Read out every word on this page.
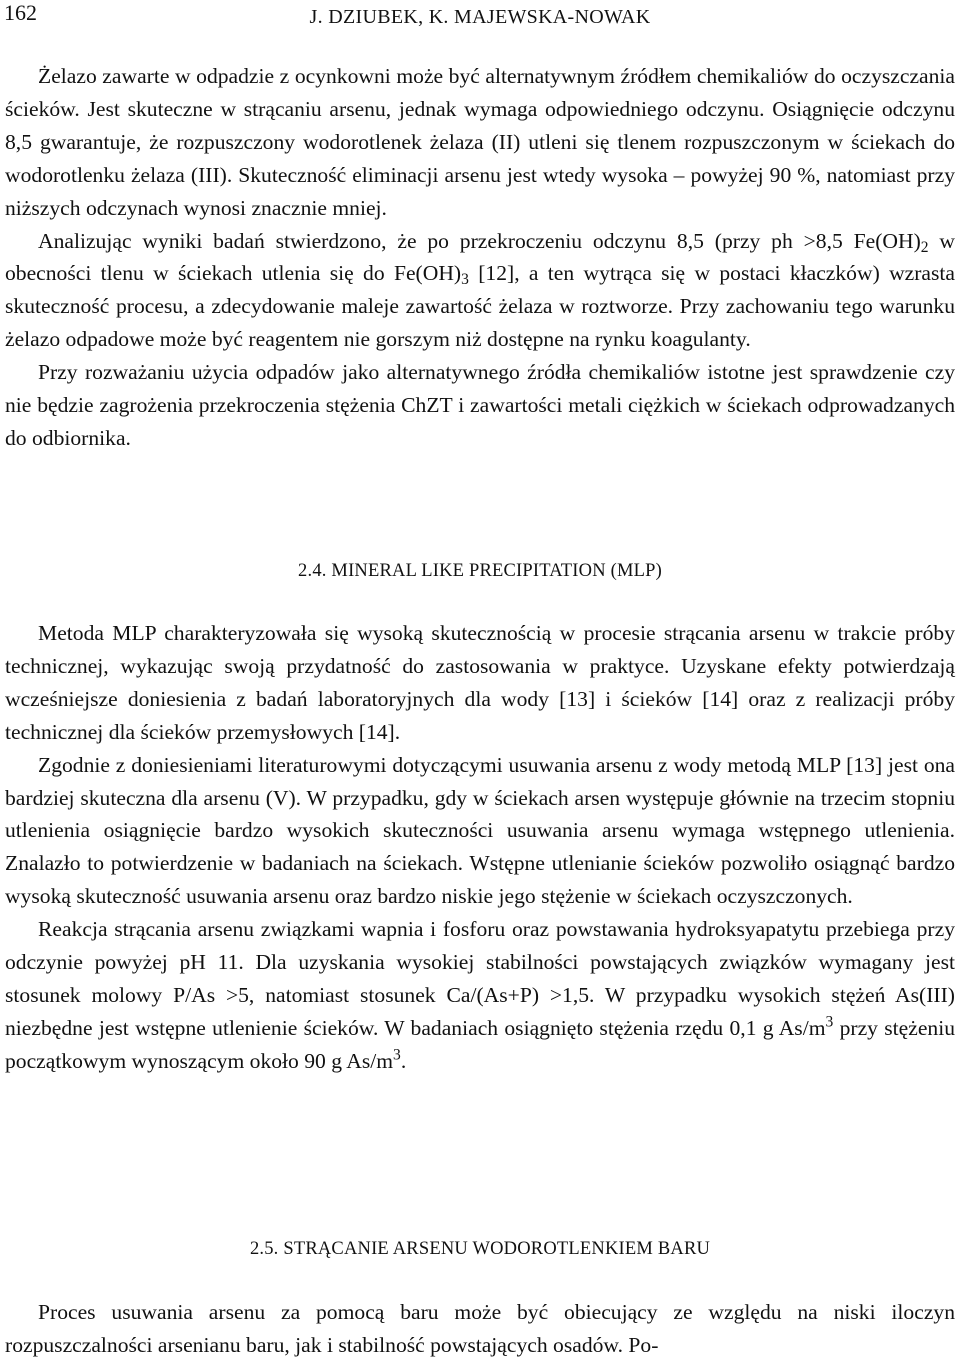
162	J. DZIUBEK, K. MAJEWSKA-NOWAK

Żelazo zawarte w odpadzie z ocynkowni może być alternatywnym źródłem chemikaliów do oczyszczania ścieków. Jest skuteczne w strącaniu arsenu, jednak wymaga odpowiedniego odczynu. Osiągnięcie odczynu 8,5 gwarantuje, że rozpuszczony wodorotlenek żelaza (II) utleni się tlenem rozpuszczonym w ściekach do wodorotlenku żelaza (III). Skuteczność eliminacji arsenu jest wtedy wysoka – powyżej 90 %, natomiast przy niższych odczynach wynosi znacznie mniej.

Analizując wyniki badań stwierdzono, że po przekroczeniu odczynu 8,5 (przy ph >8,5 $Fe(OH)_2$ w obecności tlenu w ściekach utlenia się do $Fe(OH)_3$ [12], a ten wytrąca się w postaci kłaczków) wzrasta skuteczność procesu, a zdecydowanie maleje zawartość żelaza w roztworze. Przy zachowaniu tego warunku żelazo odpadowe może być reagentem nie gorszym niż dostępne na rynku koagulanty.

Przy rozważaniu użycia odpadów jako alternatywnego źródła chemikaliów istotne jest sprawdzenie czy nie będzie zagrożenia przekroczenia stężenia ChZT i zawartości metali ciężkich w ściekach odprowadzanych do odbiornika.

2.4. MINERAL LIKE PRECIPITATION (MLP)

Metoda MLP charakteryzowała się wysoką skutecznością w procesie strącania arsenu w trakcie próby technicznej, wykazując swoją przydatność do zastosowania w praktyce. Uzyskane efekty potwierdzają wcześniejsze doniesienia z badań laboratoryjnych dla wody [13] i ścieków [14] oraz z realizacji próby technicznej dla ścieków przemysłowych [14].

Zgodnie z doniesieniami literaturowymi dotyczącymi usuwania arsenu z wody metodą MLP [13] jest ona bardziej skuteczna dla arsenu (V). W przypadku, gdy w ściekach arsen występuje głównie na trzecim stopniu utlenienia osiągnięcie bardzo wysokich skuteczności usuwania arsenu wymaga wstępnego utlenienia. Znalazło to potwierdzenie w badaniach na ściekach. Wstępne utlenianie ścieków pozwoliło osiągnąć bardzo wysoką skuteczność usuwania arsenu oraz bardzo niskie jego stężenie w ściekach oczyszczonych.

Reakcja strącania arsenu związkami wapnia i fosforu oraz powstawania hydroksyapatytu przebiega przy odczynie powyżej pH 11. Dla uzyskania wysokiej stabilności powstających związków wymagany jest stosunek molowy P/As >5, natomiast stosunek Ca/(As+P) >1,5. W przypadku wysokich stężeń As(III) niezbędne jest wstępne utlenienie ścieków. W badaniach osiągnięto stężenia rzędu 0,1 g $As/m^3$ przy stężeniu początkowym wynoszącym około 90 g $As/m^3$.

2.5. STRĄCANIE ARSENU WODOROTLENKIEM BARU

Proces usuwania arsenu za pomocą baru może być obiecujący ze względu na niski iloczyn rozpuszczalności arsenianu baru, jak i stabilność powstających osadów. Po-
